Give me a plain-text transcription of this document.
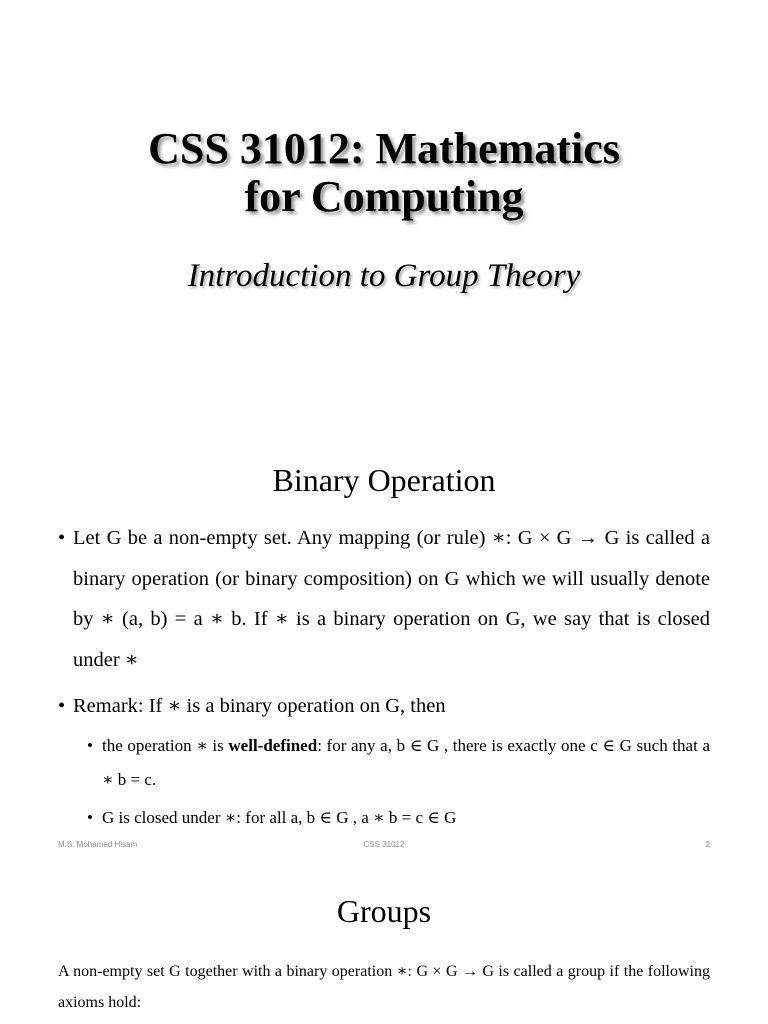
CSS 31012: Mathematics
for Computing
Introduction to Group Theory
Binary Operation
• Let G be a non-empty set. Any mapping (or rule) ∗: G × G → G is called a binary operation (or binary composition) on G which we will usually denote by ∗ (a, b) = a ∗ b. If ∗ is a binary operation on G, we say that is closed under ∗
• Remark: If ∗ is a binary operation on G, then
• the operation ∗ is well-defined: for any a, b ∈ G , there is exactly one c ∈ G such that a ∗ b = c.
• G is closed under ∗: for all a, b ∈ G , a ∗ b = c ∈ G
M.S. Mohamed Hisam	CSS 31012	2
Groups
A non-empty set G together with a binary operation ∗: G × G → G is called a group if the following axioms hold:
